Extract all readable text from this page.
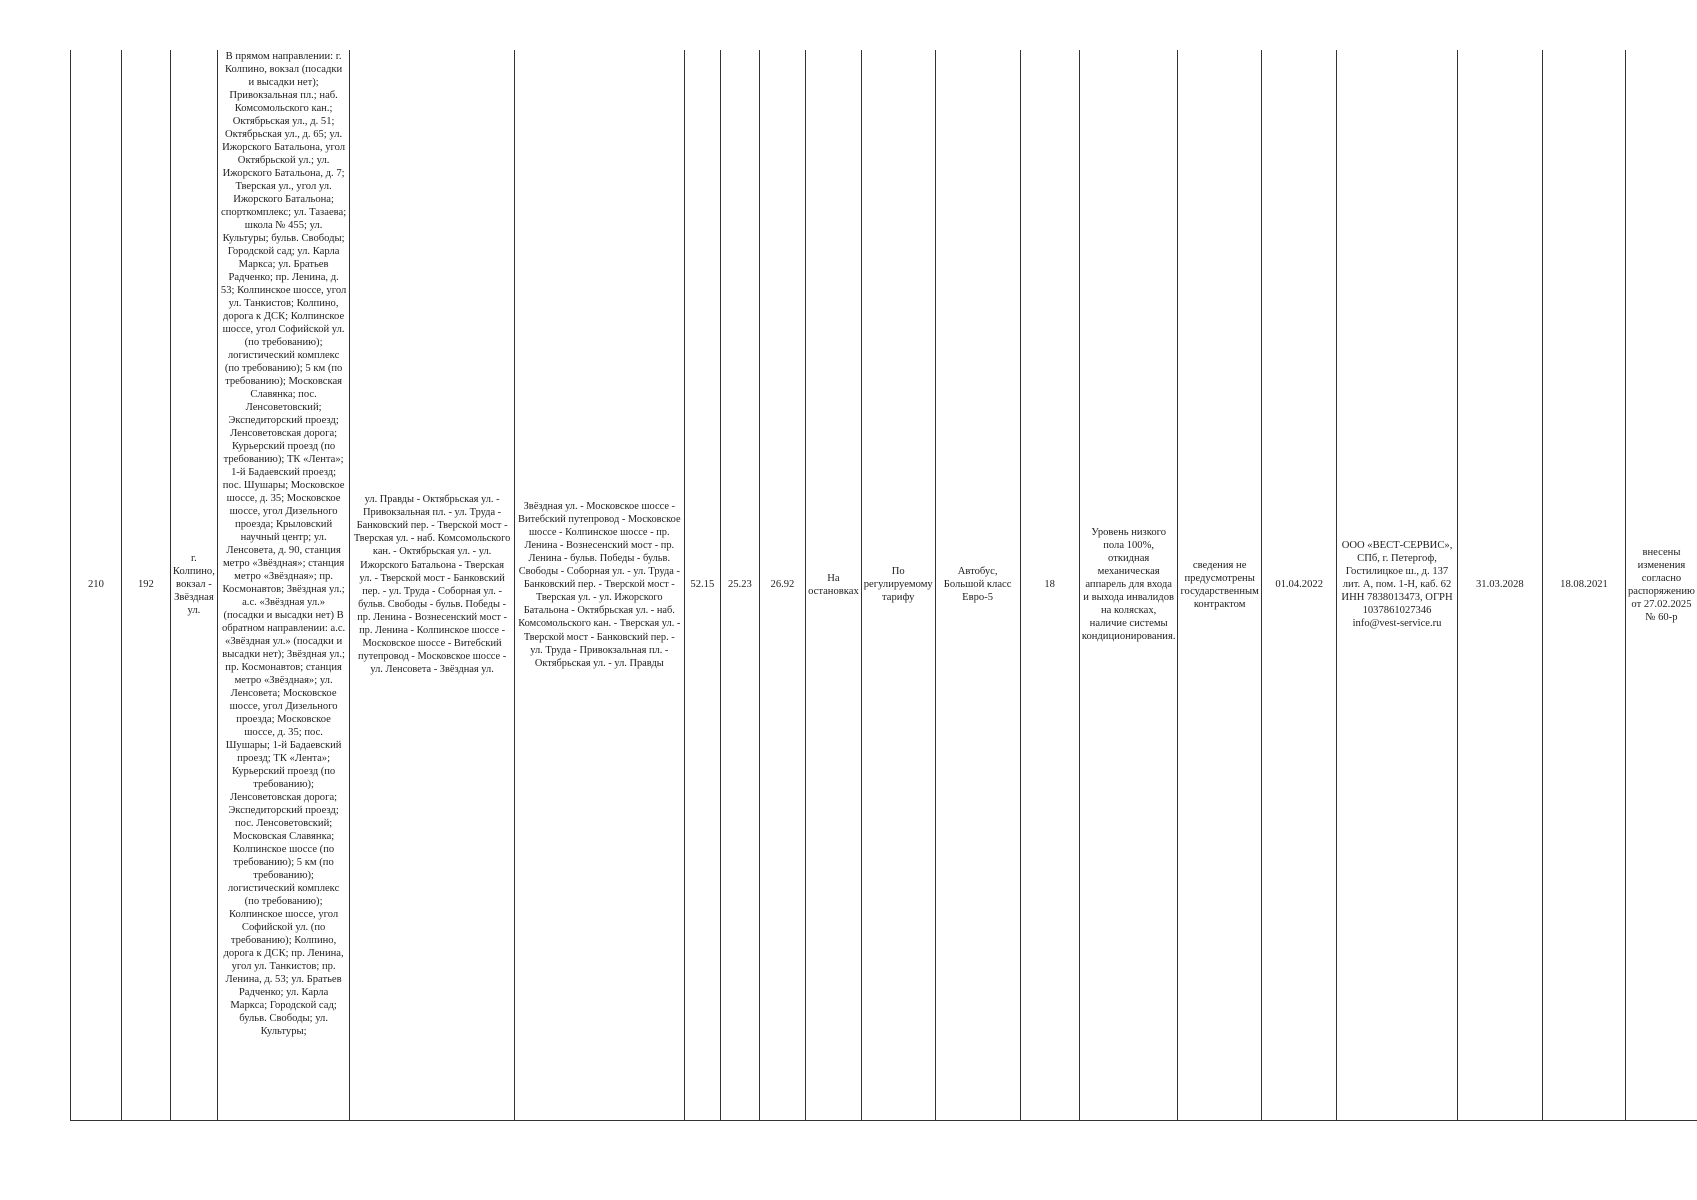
210	192	г. Колпино, вокзал - Звёздная ул.	В прямом направлении: г. Колпино, вокзал (посадки и высадки нет); Привокзальная пл.; наб. Комсомольского кан.; Октябрьская ул., д. 51; Октябрьская ул., д. 65; ул. Ижорского Батальона, угол Октябрьской ул.; ул. Ижорского Батальона, д. 7; Тверская ул., угол ул. Ижорского Батальона; спорткомплекс; ул. Тазаева; школа № 455; ул. Культуры; бульв. Свободы; Городской сад; ул. Карла Маркса; ул. Братьев Радченко; пр. Ленина, д. 53; Колпинское шоссе, угол ул. Танкистов; Колпино, дорога к ДСК; Колпинское шоссе, угол Софийской ул. (по требованию); логистический комплекс (по требованию); 5 км (по требованию); Московская Славянка; пос. Ленсоветовский; Экспедиторский проезд; Ленсоветовская дорога; Курьерский проезд (по требованию); ТК «Лента»; 1-й Бадаевский проезд; пос. Шушары; Московское шоссе, д. 35; Московское шоссе, угол Дизельного проезда; Крыловский научный центр; ул. Ленсовета, д. 90, станция метро «Звёздная»; станция метро «Звёздная»; пр. Космонавтов; Звёздная ул.; а.с. «Звёздная ул.» (посадки и высадки нет) В обратном направлении: а.с. «Звёздная ул.» (посадки и высадки нет); Звёздная ул.; пр. Космонавтов; станция метро «Звёздная»; ул. Ленсовета; Московское шоссе, угол Дизельного проезда; Московское шоссе, д. 35; пос. Шушары; 1-й Бадаевский проезд; ТК «Лента»; Курьерский проезд (по требованию); Ленсоветовская дорога; Экспедиторский проезд; пос. Ленсоветовский; Московская Славянка; Колпинское шоссе (по требованию); 5 км (по требованию); логистический комплекс (по требованию); Колпинское шоссе, угол Софийской ул. (по требованию); Колпино, дорога к ДСК; пр. Ленина, угол ул. Танкистов; пр. Ленина, д. 53; ул. Братьев Радченко; ул. Карла Маркса; Городской сад; бульв. Свободы; ул. Культуры;	ул. Правды - Октябрьская ул. - Привокзальная пл. - ул. Труда - Банковский пер. - Тверской мост - Тверская ул. - наб. Комсомольского кан. - Октябрьская ул. - ул. Ижорского Батальона - Тверская ул. - Тверской мост - Банковский пер. - ул. Труда - Соборная ул. - бульв. Свободы - бульв. Победы - пр. Ленина - Вознесенский мост - пр. Ленина - Колпинское шоссе - Московское шоссе - Витебский путепровод - Московское шоссе - ул. Ленсовета - Звёздная ул.	Звёздная ул. - Московское шоссе - Витебский путепровод - Московское шоссе - Колпинское шоссе - пр. Ленина - Вознесенский мост - пр. Ленина - бульв. Победы - бульв. Свободы - Соборная ул. - ул. Труда - Банковский пер. - Тверской мост - Тверская ул. - ул. Ижорского Батальона - Октябрьская ул. - наб. Комсомольского кан. - Тверская ул. - Тверской мост - Банковский пер. - ул. Труда - Привокзальная пл. - Октябрьская ул. - ул. Правды	52.15	25.23	26.92	На остановках	По регулируемому тарифу	Автобус, Большой класс Евро-5	18	Уровень низкого пола 100%, откидная механическая аппарель для входа и выхода инвалидов на колясках, наличие системы кондиционирования.	сведения не предусмотрены государственным контрактом	01.04.2022	ООО «ВЕСТ-СЕРВИС», СПб, г. Петергоф, Гостилицкое ш., д. 137 лит. А, пом. 1-Н, каб. 62 ИНН 7838013473, ОГРН 1037861027346 info@vest-service.ru	31.03.2028	18.08.2021	внесены изменения согласно распоряжению от 27.02.2025 № 60-р
